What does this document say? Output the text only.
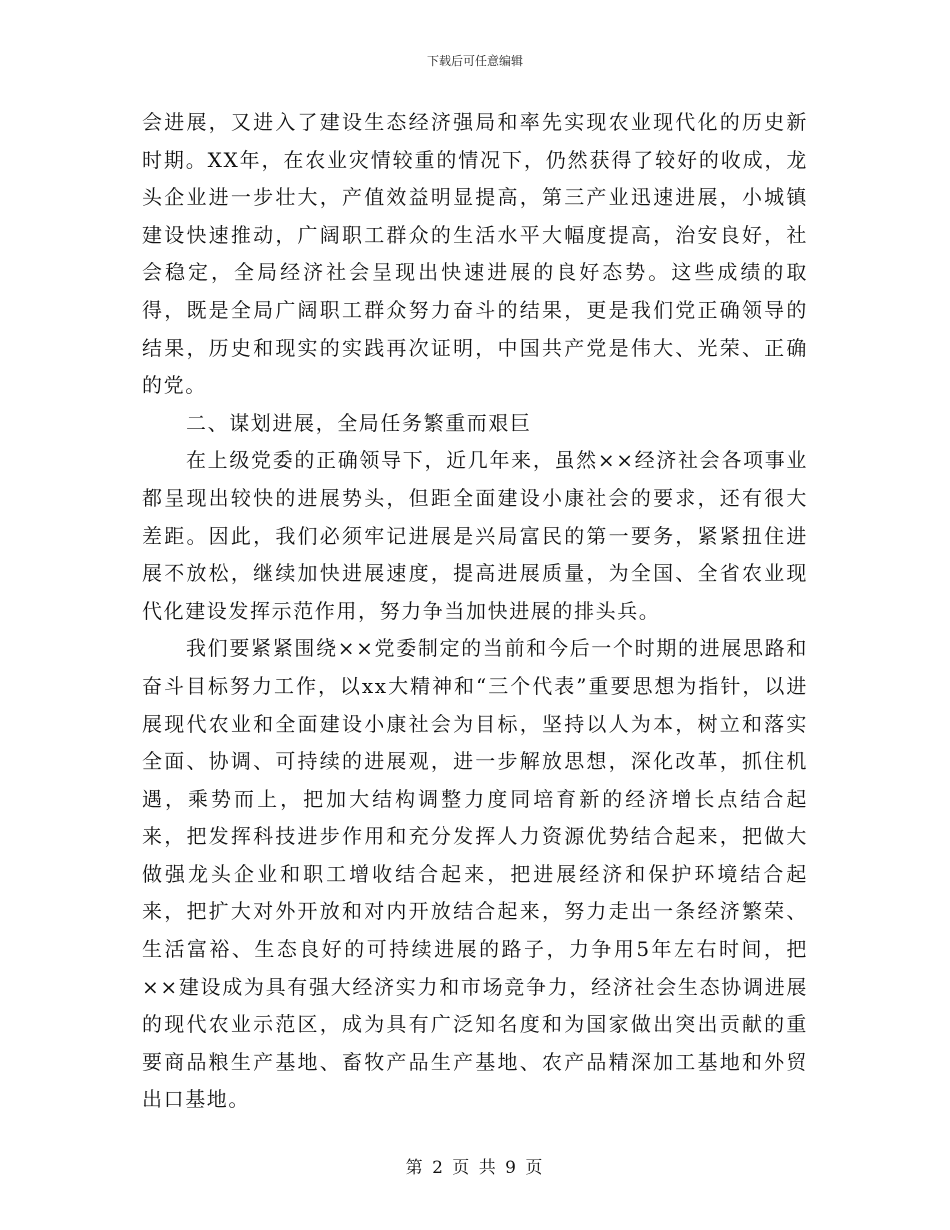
下载后可任意编辑

会进展，又进入了建设生态经济强局和率先实现农业现代化的历史新时期。XX年，在农业灾情较重的情况下，仍然获得了较好的收成，龙头企业进一步壮大，产值效益明显提高，第三产业迅速进展，小城镇建设快速推动，广阔职工群众的生活水平大幅度提高，治安良好，社会稳定，全局经济社会呈现出快速进展的良好态势。这些成绩的取得，既是全局广阔职工群众努力奋斗的结果，更是我们党正确领导的结果，历史和现实的实践再次证明，中国共产党是伟大、光荣、正确的党。

二、谋划进展，全局任务繁重而艰巨

在上级党委的正确领导下，近几年来，虽然××经济社会各项事业都呈现出较快的进展势头，但距全面建设小康社会的要求，还有很大差距。因此，我们必须牢记进展是兴局富民的第一要务，紧紧扭住进展不放松，继续加快进展速度，提高进展质量，为全国、全省农业现代化建设发挥示范作用，努力争当加快进展的排头兵。

我们要紧紧围绕××党委制定的当前和今后一个时期的进展思路和奋斗目标努力工作，以xx大精神和“三个代表”重要思想为指针，以进展现代农业和全面建设小康社会为目标，坚持以人为本，树立和落实全面、协调、可持续的进展观，进一步解放思想，深化改革，抓住机遇，乘势而上，把加大结构调整力度同培育新的经济增长点结合起来，把发挥科技进步作用和充分发挥人力资源优势结合起来，把做大做强龙头企业和职工增收结合起来，把进展经济和保护环境结合起来，把扩大对外开放和对内开放结合起来，努力走出一条经济繁荣、生活富裕、生态良好的可持续进展的路子，力争用5年左右时间，把××建设成为具有强大经济实力和市场竞争力，经济社会生态协调进展的现代农业示范区，成为具有广泛知名度和为国家做出突出贡献的重要商品粮生产基地、畜牧产品生产基地、农产品精深加工基地和外贸出口基地。

第 2 页 共 9 页
